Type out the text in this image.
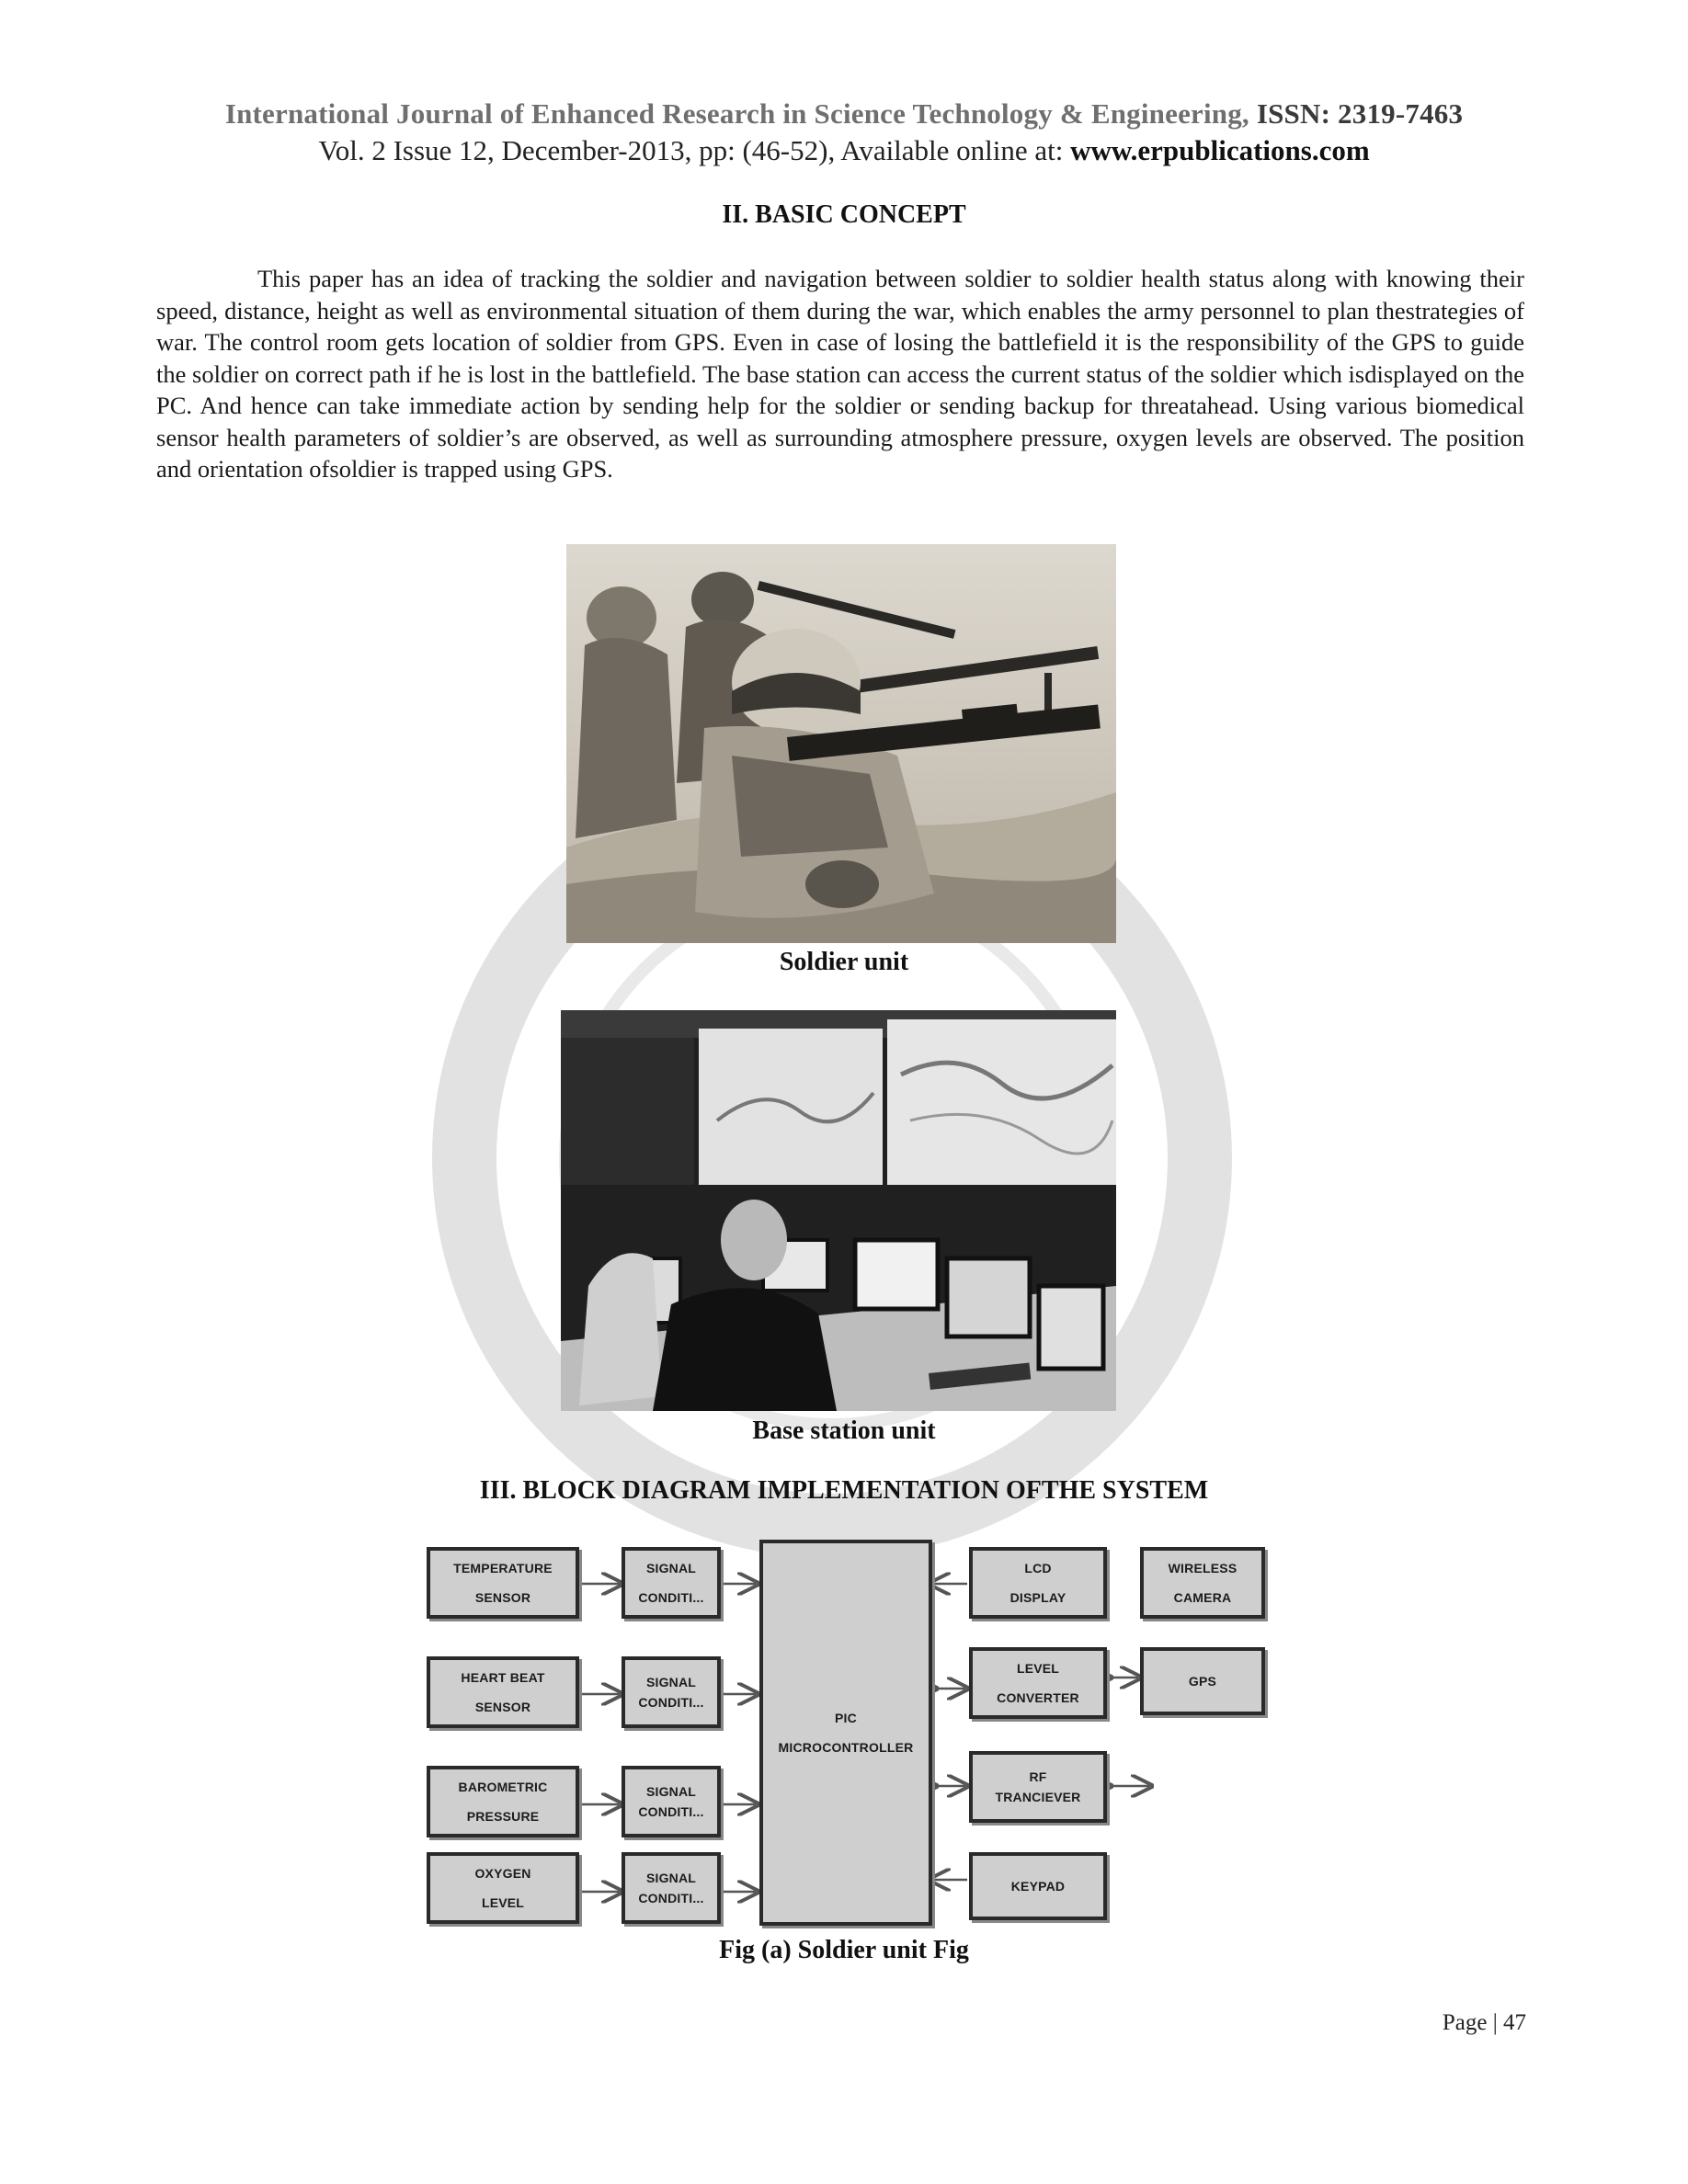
International Journal of Enhanced Research in Science Technology & Engineering, ISSN: 2319-7463
Vol. 2 Issue 12, December-2013, pp: (46-52), Available online at: www.erpublications.com
II. BASIC CONCEPT
This paper has an idea of tracking the soldier and navigation between soldier to soldier health status along with knowing their speed, distance, height as well as environmental situation of them during the war, which enables the army personnel to plan thestrategies of war. The control room gets location of soldier from GPS. Even in case of losing the battlefield it is the responsibility of the GPS to guide the soldier on correct path if he is lost in the battlefield. The base station can access the current status of the soldier which isdisplayed on the PC. And hence can take immediate action by sending help for the soldier or sending backup for threatahead. Using various biomedical sensor health parameters of soldier’s are observed, as well as surrounding atmosphere pressure, oxygen levels are observed. The position and orientation ofsoldier is trapped using GPS.
Soldier unit
Base station unit
III. BLOCK DIAGRAM IMPLEMENTATION OFTHE SYSTEM
TEMPERATURE
SENSOR
HEART BEAT
SENSOR
BAROMETRIC
PRESSURE
OXYGEN
LEVEL
SIGNAL
CONDITI...
SIGNAL
CONDITI...
SIGNAL
CONDITI...
SIGNAL
CONDITI...
PIC
MICROCONTROLLER
LCD
DISPLAY
LEVEL
CONVERTER
RF
TRANCIEVER
KEYPAD
WIRELESS
CAMERA
GPS
Fig (a) Soldier unit Fig
Page | 47
